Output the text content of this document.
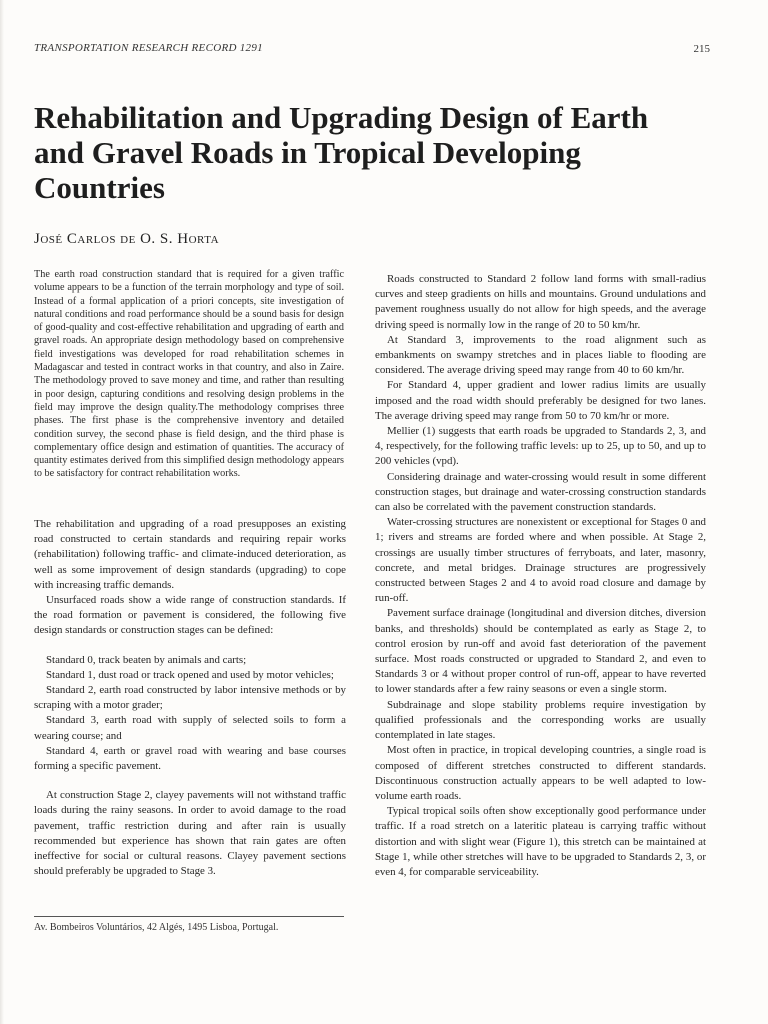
TRANSPORTATION RESEARCH RECORD 1291	215
Rehabilitation and Upgrading Design of Earth and Gravel Roads in Tropical Developing Countries
José Carlos de O. S. Horta

The earth road construction standard that is required for a given traffic volume appears to be a function of the terrain morphology and type of soil. Instead of a formal application of a priori concepts, site investigation of natural conditions and road performance should be a sound basis for design of good-quality and cost-effective rehabilitation and upgrading of earth and gravel roads. An appropriate design methodology based on comprehensive field investigations was developed for road rehabilitation schemes in Madagascar and tested in contract works in that country, and also in Zaire. The methodology proved to save money and time, and rather than resulting in poor design, capturing conditions and resolving design problems in the field may improve the design quality.The methodology comprises three phases. The first phase is the comprehensive inventory and detailed condition survey, the second phase is field design, and the third phase is complementary office design and estimation of quantities. The accuracy of quantity estimates derived from this simplified design methodology appears to be satisfactory for contract rehabilitation works.

The rehabilitation and upgrading of a road presupposes an existing road constructed to certain standards and requiring repair works (rehabilitation) following traffic- and climate-induced deterioration, as well as some improvement of design standards (upgrading) to cope with increasing traffic demands.

Unsurfaced roads show a wide range of construction standards. If the road formation or pavement is considered, the following five design standards or construction stages can be defined:

Standard 0, track beaten by animals and carts;

Standard 1, dust road or track opened and used by motor vehicles;

Standard 2, earth road constructed by labor intensive methods or by scraping with a motor grader;

Standard 3, earth road with supply of selected soils to form a wearing course; and

Standard 4, earth or gravel road with wearing and base courses forming a specific pavement.

At construction Stage 2, clayey pavements will not withstand traffic loads during the rainy seasons. In order to avoid damage to the road pavement, traffic restriction during and after rain is usually recommended but experience has shown that rain gates are often ineffective for social or cultural reasons. Clayey pavement sections should preferably be upgraded to Stage 3.

Roads constructed to Standard 2 follow land forms with small-radius curves and steep gradients on hills and mountains. Ground undulations and pavement roughness usually do not allow for high speeds, and the average driving speed is normally low in the range of 20 to 50 km/hr.

At Standard 3, improvements to the road alignment such as embankments on swampy stretches and in places liable to flooding are considered. The average driving speed may range from 40 to 60 km/hr.

For Standard 4, upper gradient and lower radius limits are usually imposed and the road width should preferably be designed for two lanes. The average driving speed may range from 50 to 70 km/hr or more.

Mellier (1) suggests that earth roads be upgraded to Standards 2, 3, and 4, respectively, for the following traffic levels: up to 25, up to 50, and up to 200 vehicles (vpd).

Considering drainage and water-crossing would result in some different construction stages, but drainage and water-crossing construction standards can also be correlated with the pavement construction standards.

Water-crossing structures are nonexistent or exceptional for Stages 0 and 1; rivers and streams are forded where and when possible. At Stage 2, crossings are usually timber structures of ferryboats, and later, masonry, concrete, and metal bridges. Drainage structures are progressively constructed between Stages 2 and 4 to avoid road closure and damage by run-off.

Pavement surface drainage (longitudinal and diversion ditches, diversion banks, and thresholds) should be contemplated as early as Stage 2, to control erosion by run-off and avoid fast deterioration of the pavement surface. Most roads constructed or upgraded to Standard 2, and even to Standards 3 or 4 without proper control of run-off, appear to have reverted to lower standards after a few rainy seasons or even a single storm.

Subdrainage and slope stability problems require investigation by qualified professionals and the corresponding works are usually contemplated in late stages.

Most often in practice, in tropical developing countries, a single road is composed of different stretches constructed to different standards. Discontinuous construction actually appears to be well adapted to low-volume earth roads.

Typical tropical soils often show exceptionally good performance under traffic. If a road stretch on a lateritic plateau is carrying traffic without distortion and with slight wear (Figure 1), this stretch can be maintained at Stage 1, while other stretches will have to be upgraded to Standards 2, 3, or even 4, for comparable serviceability.

Av. Bombeiros Voluntários, 42 Algés, 1495 Lisboa, Portugal.
